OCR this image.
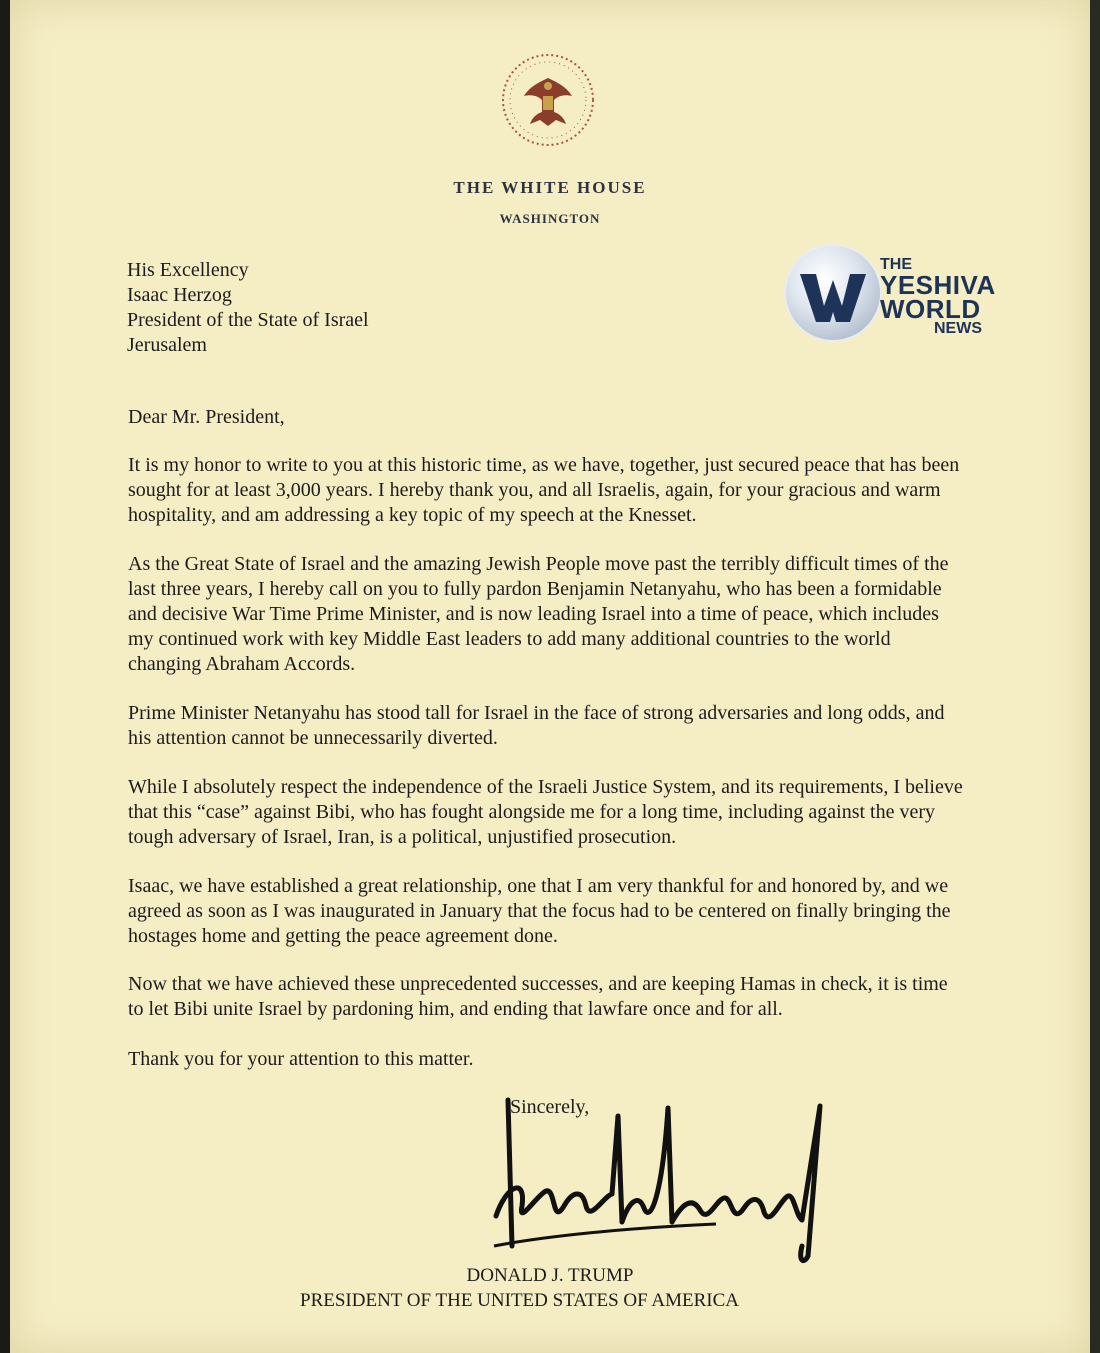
THE WHITE HOUSE
WASHINGTON
His Excellency
Isaac Herzog
President of the State of Israel
Jerusalem
THE
YESHIVA
WORLD
NEWS

Dear Mr. President,

It is my honor to write to you at this historic time, as we have, together, just secured peace that has been sought for at least 3,000 years. I hereby thank you, and all Israelis, again, for your gracious and warm hospitality, and am addressing a key topic of my speech at the Knesset.

As the Great State of Israel and the amazing Jewish People move past the terribly difficult times of the last three years, I hereby call on you to fully pardon Benjamin Netanyahu, who has been a formidable and decisive War Time Prime Minister, and is now leading Israel into a time of peace, which includes my continued work with key Middle East leaders to add many additional countries to the world changing Abraham Accords.

Prime Minister Netanyahu has stood tall for Israel in the face of strong adversaries and long odds, and his attention cannot be unnecessarily diverted.

While I absolutely respect the independence of the Israeli Justice System, and its requirements, I believe that this “case” against Bibi, who has fought alongside me for a long time, including against the very tough adversary of Israel, Iran, is a political, unjustified prosecution.

Isaac, we have established a great relationship, one that I am very thankful for and honored by, and we agreed as soon as I was inaugurated in January that the focus had to be centered on finally bringing the hostages home and getting the peace agreement done.

Now that we have achieved these unprecedented successes, and are keeping Hamas in check, it is time to let Bibi unite Israel by pardoning him, and ending that lawfare once and for all.

Thank you for your attention to this matter.

Sincerely,
DONALD J. TRUMP
PRESIDENT OF THE UNITED STATES OF AMERICA
